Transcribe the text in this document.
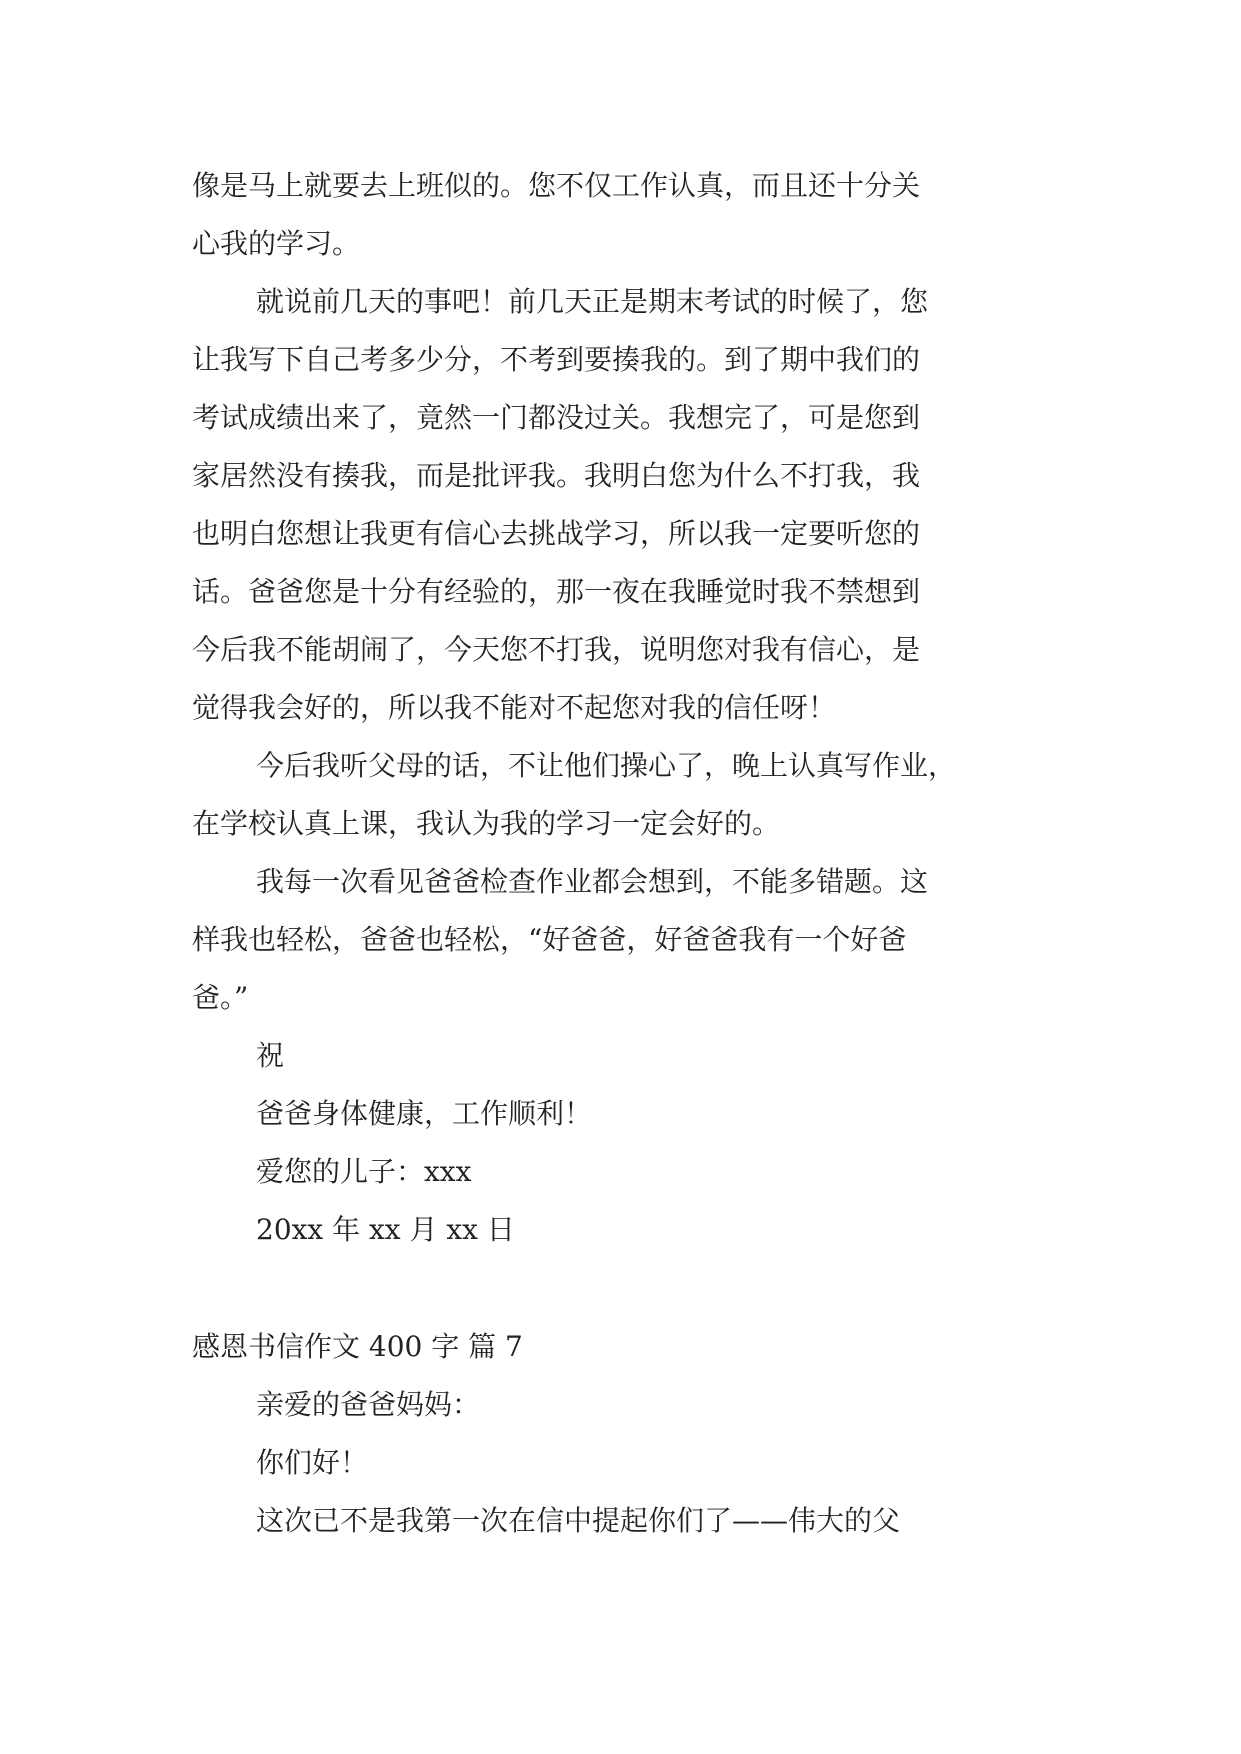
像是马上就要去上班似的。您不仅工作认真，而且还十分关
心我的学习。
就说前几天的事吧！前几天正是期末考试的时候了，您
让我写下自己考多少分，不考到要揍我的。到了期中我们的
考试成绩出来了，竟然一门都没过关。我想完了，可是您到
家居然没有揍我，而是批评我。我明白您为什么不打我，我
也明白您想让我更有信心去挑战学习，所以我一定要听您的
话。爸爸您是十分有经验的，那一夜在我睡觉时我不禁想到
今后我不能胡闹了，今天您不打我，说明您对我有信心，是
觉得我会好的，所以我不能对不起您对我的信任呀！
今后我听父母的话，不让他们操心了，晚上认真写作业，
在学校认真上课，我认为我的学习一定会好的。
我每一次看见爸爸检查作业都会想到，不能多错题。这
样我也轻松，爸爸也轻松，“好爸爸，好爸爸我有一个好爸
爸。”
祝
爸爸身体健康，工作顺利！
爱您的儿子：xxx
20xx 年 xx 月 xx 日
感恩书信作文 400 字 篇 7
亲爱的爸爸妈妈：
你们好！
这次已不是我第一次在信中提起你们了——伟大的父
